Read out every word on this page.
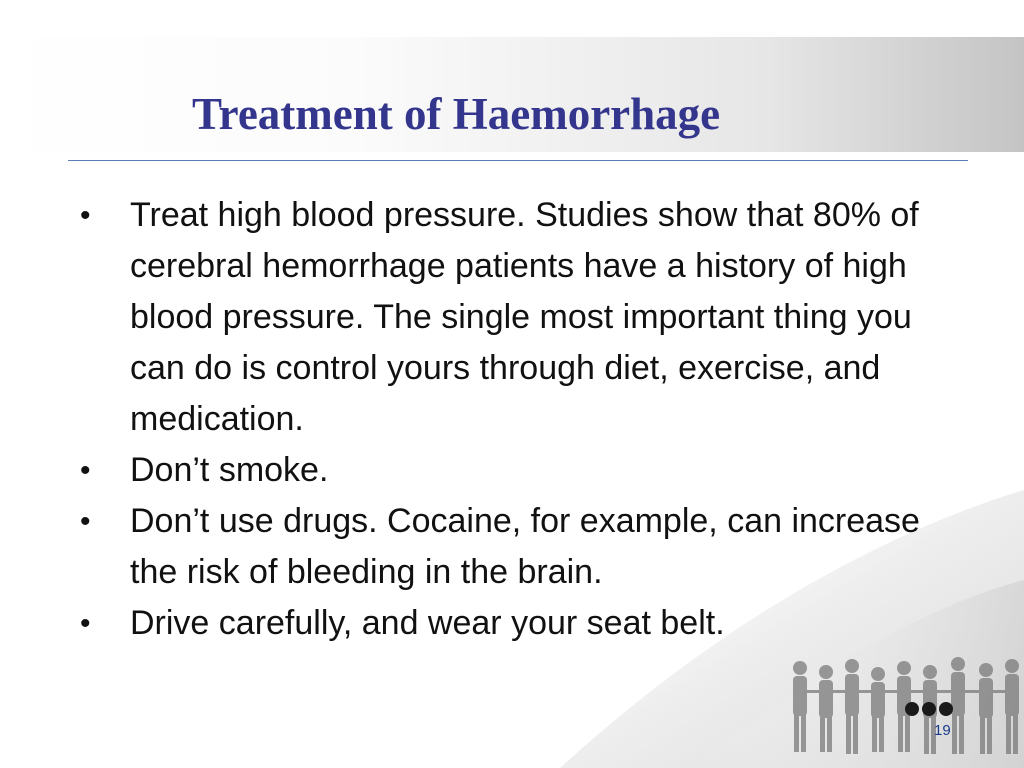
Treatment of Haemorrhage
• Treat high blood pressure. Studies show that 80% of cerebral hemorrhage patients have a history of high blood pressure. The single most important thing you can do is control yours through diet, exercise, and medication.
• Don’t smoke.
• Don’t use drugs. Cocaine, for example, can increase the risk of bleeding in the brain.
• Drive carefully, and wear your seat belt.
19
